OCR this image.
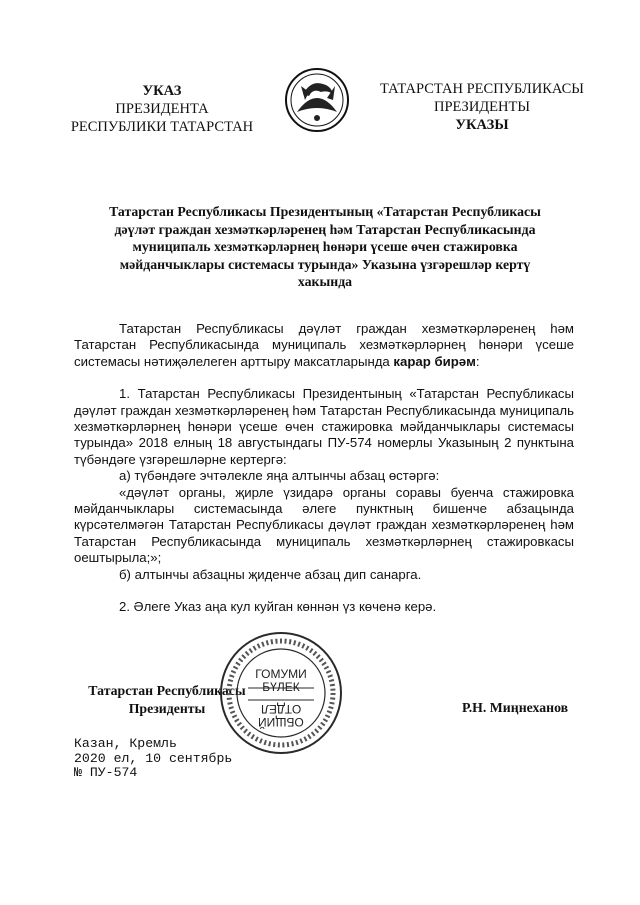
УКАЗ
ПРЕЗИДЕНТА
РЕСПУБЛИКИ ТАТАРСТАН
ТАТАРСТАН РЕСПУБЛИКАСЫ
ПРЕЗИДЕНТЫ
УКАЗЫ
Татарстан Республикасы Президентының «Татарстан Республикасы
дәүләт граждан хезмәткәрләренең һәм Татарстан Республикасында
муниципаль хезмәткәрләрнең һөнәри үсеше өчен стажировка
мәйданчыклары системасы турында» Указына үзгәрешләр кертү
хакында

Татарстан Республикасы дәүләт граждан хезмәткәрләренең һәм Татарстан Республикасында муниципаль хезмәткәрләрнең һөнәри үсеше системасы нәтиҗәлелеген арттыру максатларында карар бирәм:

1. Татарстан Республикасы Президентының «Татарстан Республикасы дәүләт граждан хезмәткәрләренең һәм Татарстан Республикасында муниципаль хезмәткәрләрнең һөнәри үсеше өчен стажировка мәйданчыклары системасы турында» 2018 елның 18 августындагы ПУ-574 номерлы Указының 2 пунктына түбәндәге үзгәрешләрне кертергә:

а) түбәндәге эчтәлекле яңа алтынчы абзац өстәргә:

«дәүләт органы, җирле үзидарә органы соравы буенча стажировка мәйданчыклары системасында әлеге пунктның бишенче абзацында күрсәтелмәгән Татарстан Республикасы дәүләт граждан хезмәткәрләренең һәм Татарстан Республикасында муниципаль хезмәткәрләрнең стажировкасы оештырыла;»;

б) алтынчы абзацны җиденче абзац дип санарга.

2. Әлеге Указ аңа кул куйган көннән үз көченә керә.

Татарстан Республикасы
Президенты	Р.Н. Миңнеханов
ГОМУМИ
БҮЛЕК
ОТДЕЛ
ОБЩИЙ
Казан, Кремль
2020 ел, 10 сентябрь
№ ПУ-574
